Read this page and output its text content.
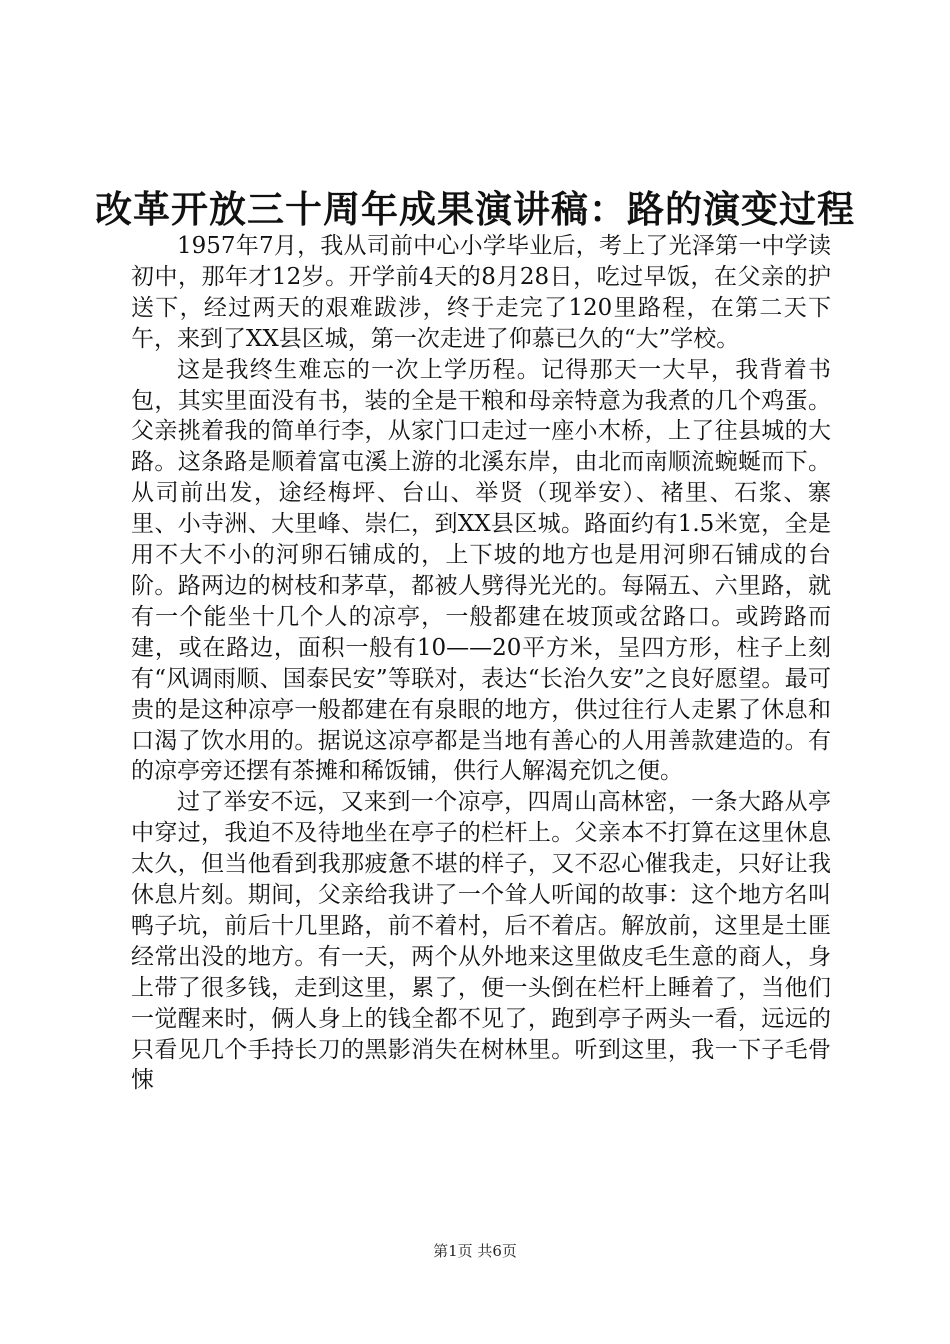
改革开放三十周年成果演讲稿：路的演变过程

1957年7月，我从司前中心小学毕业后，考上了光泽第一中学读初中，那年才12岁。开学前4天的8月28日，吃过早饭，在父亲的护送下，经过两天的艰难跋涉，终于走完了120里路程，在第二天下午，来到了XX县区城，第一次走进了仰慕已久的“大”学校。

这是我终生难忘的一次上学历程。记得那天一大早，我背着书包，其实里面没有书，装的全是干粮和母亲特意为我煮的几个鸡蛋。父亲挑着我的简单行李，从家门口走过一座小木桥，上了往县城的大路。这条路是顺着富屯溪上游的北溪东岸，由北而南顺流蜿蜒而下。从司前出发，途经梅坪、台山、举贤（现举安）、褚里、石浆、寨里、小寺洲、大里峰、崇仁，到XX县区城。路面约有1.5米宽，全是用不大不小的河卵石铺成的，上下坡的地方也是用河卵石铺成的台阶。路两边的树枝和茅草，都被人劈得光光的。每隔五、六里路，就有一个能坐十几个人的凉亭，一般都建在坡顶或岔路口。或跨路而建，或在路边，面积一般有10——20平方米，呈四方形，柱子上刻有“风调雨顺、国泰民安”等联对，表达“长治久安”之良好愿望。最可贵的是这种凉亭一般都建在有泉眼的地方，供过往行人走累了休息和口渴了饮水用的。据说这凉亭都是当地有善心的人用善款建造的。有的凉亭旁还摆有茶摊和稀饭铺，供行人解渴充饥之便。

过了举安不远，又来到一个凉亭，四周山高林密，一条大路从亭中穿过，我迫不及待地坐在亭子的栏杆上。父亲本不打算在这里休息太久，但当他看到我那疲惫不堪的样子，又不忍心催我走，只好让我休息片刻。期间，父亲给我讲了一个耸人听闻的故事：这个地方名叫鸭子坑，前后十几里路，前不着村，后不着店。解放前，这里是土匪经常出没的地方。有一天，两个从外地来这里做皮毛生意的商人，身上带了很多钱，走到这里，累了，便一头倒在栏杆上睡着了，当他们一觉醒来时，俩人身上的钱全都不见了，跑到亭子两头一看，远远的只看见几个手持长刀的黑影消失在树林里。听到这里，我一下子毛骨悚

第1页 共6页
